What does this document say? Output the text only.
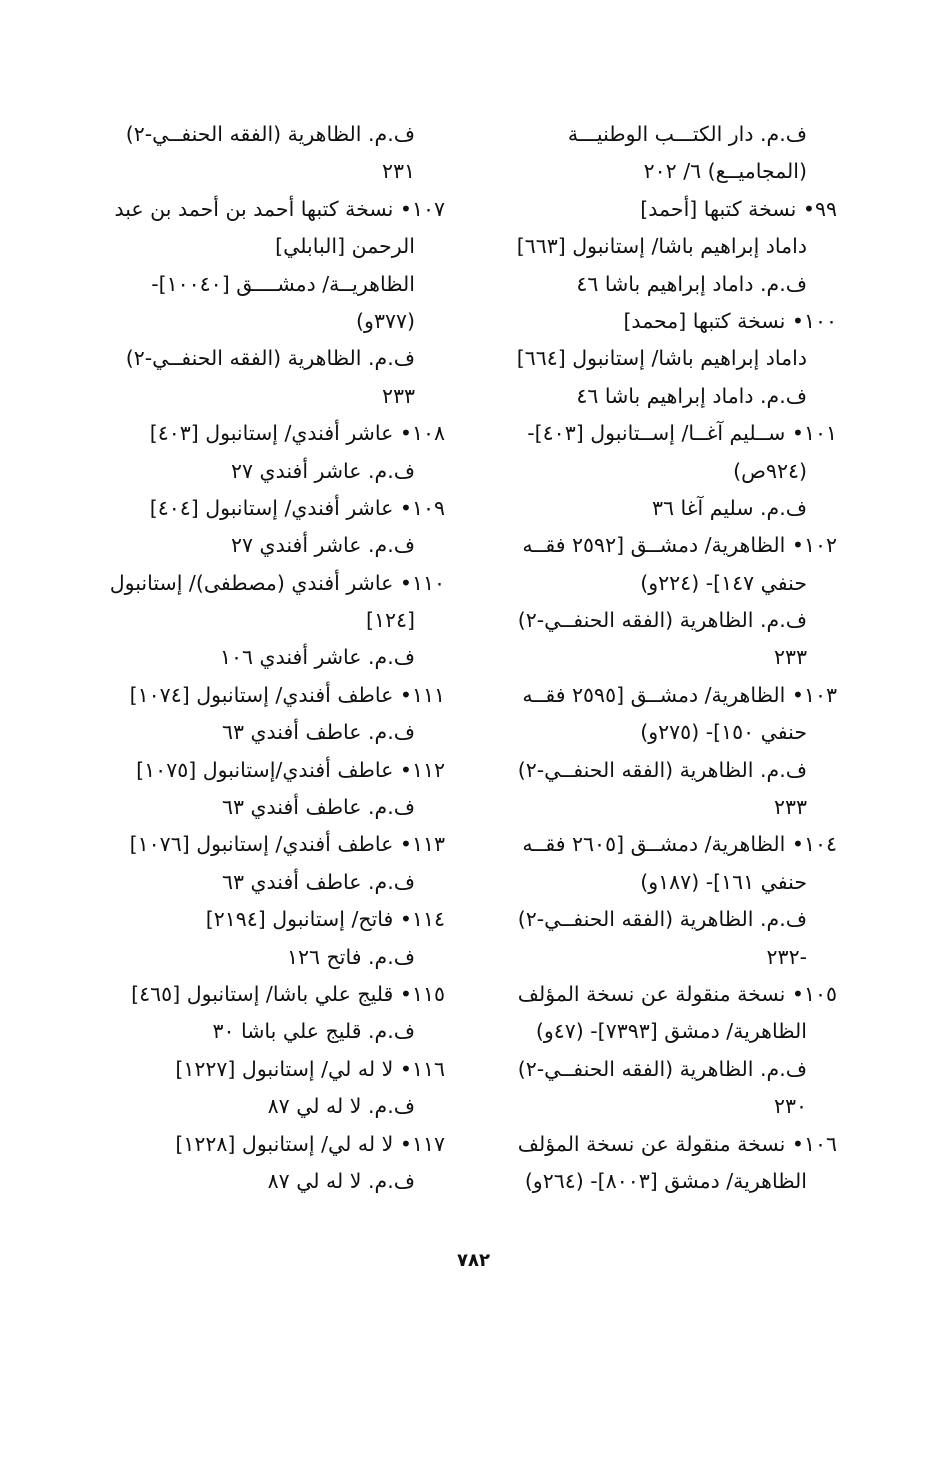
ف.م. دار الكتـــب الوطنيـــة
(المجاميــع) ٦/ ٢٠٢
٩٩• نسخة كتبها [أحمد]
داماد إبراهيم باشا/ إستانبول [٦٦٣]
ف.م. داماد إبراهيم باشا ٤٦
١٠٠• نسخة كتبها [محمد]
داماد إبراهيم باشا/ إستانبول [٦٦٤]
ف.م. داماد إبراهيم باشا ٤٦
١٠١• ســليم آغــا/ إســتانبول [٤٠٣]-
(٩٢٤ص)
ف.م. سليم آغا ٣٦
١٠٢• الظاهرية/ دمشــق [٢٥٩٢ فقــه
حنفي ١٤٧]- (٢٢٤و)
ف.م. الظاهرية (الفقه الحنفــي-٢)
٢٣٣
١٠٣• الظاهرية/ دمشــق [٢٥٩٥ فقــه
حنفي ١٥٠]- (٢٧٥و)
ف.م. الظاهرية (الفقه الحنفــي-٢)
٢٣٣
١٠٤• الظاهرية/ دمشــق [٢٦٠٥ فقــه
حنفي ١٦١]- (١٨٧و)
ف.م. الظاهرية (الفقه الحنفــي-٢)
-٢٣٢
١٠٥• نسخة منقولة عن نسخة المؤلف
الظاهرية/ دمشق [٧٣٩٣]- (٤٧و)
ف.م. الظاهرية (الفقه الحنفــي-٢)
٢٣٠
١٠٦• نسخة منقولة عن نسخة المؤلف
الظاهرية/ دمشق [٨٠٠٣]- (٢٦٤و)
ف.م. الظاهرية (الفقه الحنفــي-٢)
٢٣١
١٠٧• نسخة كتبها أحمد بن أحمد بن عبد
الرحمن [البابلي]
الظاهريــة/ دمشــــق [١٠٠٤٠]-
(٣٧٧و)
ف.م. الظاهرية (الفقه الحنفــي-٢)
٢٣٣
١٠٨• عاشر أفندي/ إستانبول [٤٠٣]
ف.م. عاشر أفندي ٢٧
١٠٩• عاشر أفندي/ إستانبول [٤٠٤]
ف.م. عاشر أفندي ٢٧
١١٠• عاشر أفندي (مصطفى)/ إستانبول
[١٢٤]
ف.م. عاشر أفندي ١٠٦
١١١• عاطف أفندي/ إستانبول [١٠٧٤]
ف.م. عاطف أفندي ٦٣
١١٢• عاطف أفندي/إستانبول [١٠٧٥]
ف.م. عاطف أفندي ٦٣
١١٣• عاطف أفندي/ إستانبول [١٠٧٦]
ف.م. عاطف أفندي ٦٣
١١٤• فاتح/ إستانبول [٢١٩٤]
ف.م. فاتح ١٢٦
١١٥• قليج علي باشا/ إستانبول [٤٦٥]
ف.م. قليج علي باشا ٣٠
١١٦• لا له لي/ إستانبول [١٢٢٧]
ف.م. لا له لي ٨٧
١١٧• لا له لي/ إستانبول [١٢٢٨]
ف.م. لا له لي ٨٧
٧٨٢
